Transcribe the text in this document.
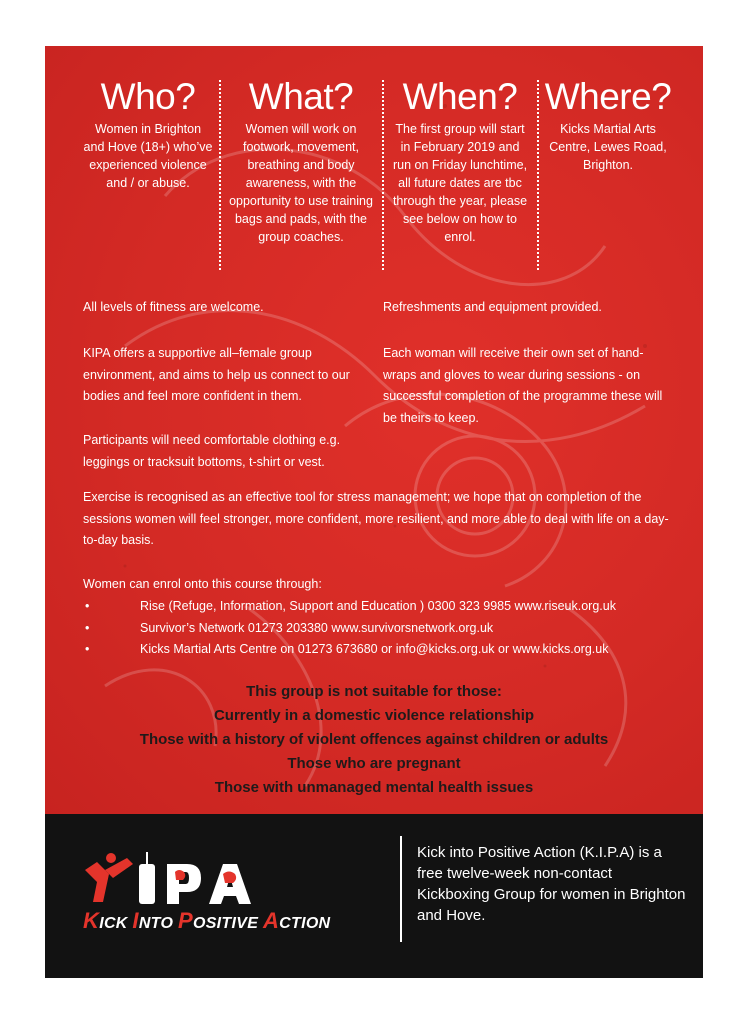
Who?
Women in Brighton and Hove (18+) who’ve experienced violence and / or abuse.
What?
Women will work on footwork, movement, breathing and body awareness, with the opportunity to use training bags and pads, with the group coaches.
When?
The first group will start in February 2019 and run on Friday lunchtime, all future dates are tbc through the year, please see below on how to enrol.
Where?
Kicks Martial Arts Centre, Lewes Road, Brighton.
All levels of fitness are welcome.
KIPA offers a supportive all–female group environment, and aims to help us connect to our bodies and feel more confident in them.
Participants will need comfortable clothing e.g. leggings or tracksuit bottoms, t-shirt or vest.
Refreshments and equipment provided.
Each woman will receive their own set of hand-wraps and gloves to wear during sessions - on successful completion of the programme these will be theirs to keep.
Exercise is recognised as an effective tool for stress management; we hope that on completion of the sessions women will feel stronger, more confident, more resilient, and more able to deal with life on a day-to-day basis.
Women can enrol onto this course through:
•	Rise (Refuge, Information, Support and Education ) 0300 323 9985 www.riseuk.org.uk
•	Survivor’s Network 01273 203380 www.survivorsnetwork.org.uk
•	Kicks Martial Arts Centre on 01273 673680 or info@kicks.org.uk or www.kicks.org.uk
This group is not suitable for those:
Currently in a domestic violence relationship
Those with a history of violent offences against children or adults
Those who are pregnant
Those with unmanaged mental health issues
KICK INTO POSITIVE ACTION
Kick into Positive Action (K.I.P.A) is a free twelve-week non-contact Kickboxing Group for women in Brighton and Hove.
